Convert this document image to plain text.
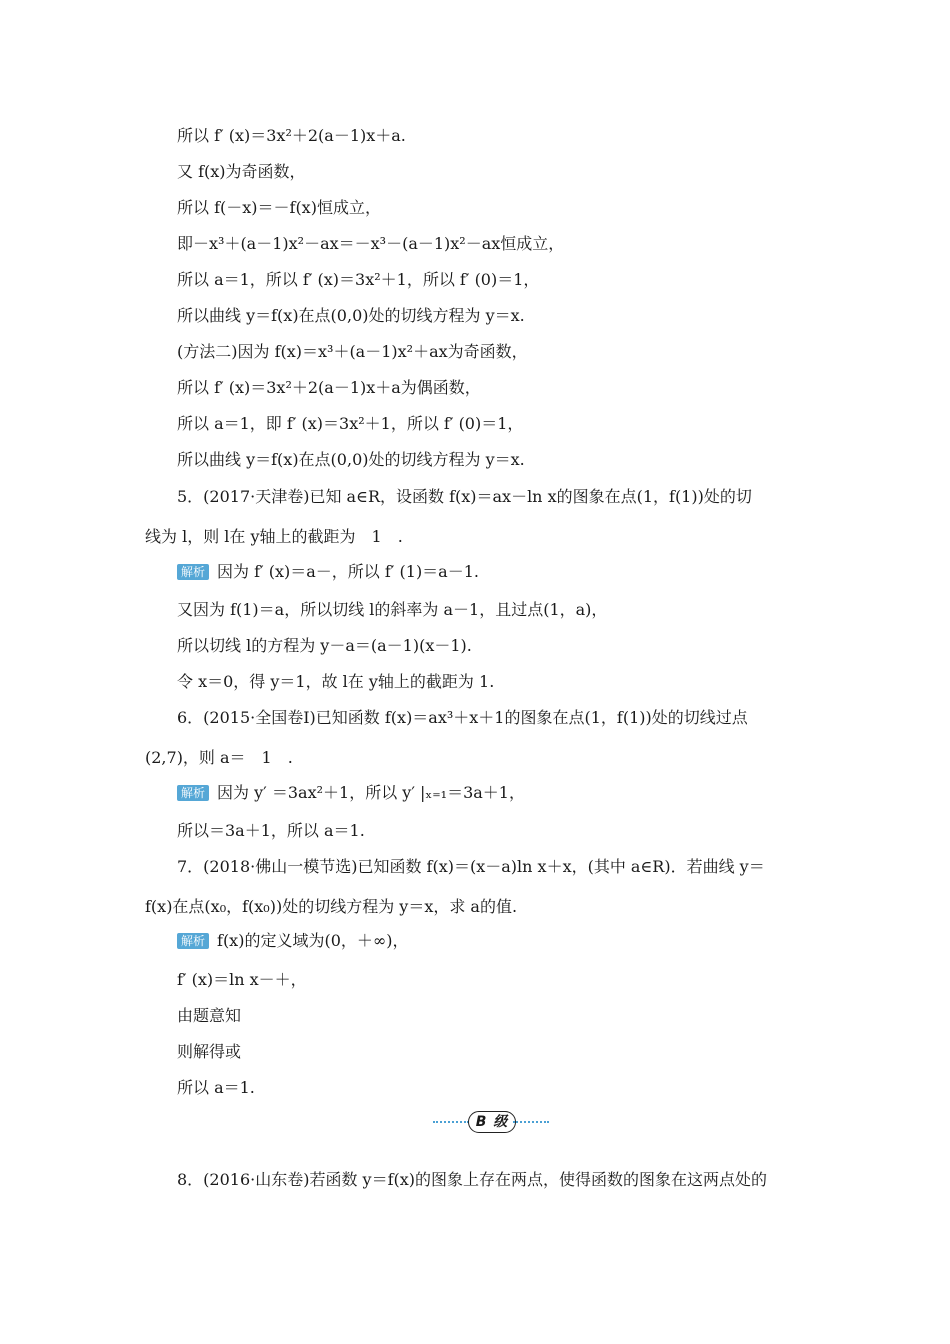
所以 f′ (x)＝3x²＋2(a－1)x＋a.
又 f(x)为奇函数，
所以 f(－x)＝－f(x)恒成立，
即－x³＋(a－1)x²－ax＝－x³－(a－1)x²－ax恒成立，
所以 a＝1，所以 f′ (x)＝3x²＋1，所以 f′ (0)＝1，
所以曲线 y＝f(x)在点(0,0)处的切线方程为 y＝x.
(方法二)因为 f(x)＝x³＋(a－1)x²＋ax为奇函数，
所以 f′ (x)＝3x²＋2(a－1)x＋a为偶函数，
所以 a＝1，即 f′ (x)＝3x²＋1，所以 f′ (0)＝1，
所以曲线 y＝f(x)在点(0,0)处的切线方程为 y＝x.
5．(2017·天津卷)已知 a∈R，设函数 f(x)＝ax－ln x的图象在点(1，f(1))处的切
线为 l，则 l在 y轴上的截距为　1　.
解析 因为 f′ (x)＝a－，所以 f′ (1)＝a－1.
又因为 f(1)＝a，所以切线 l的斜率为 a－1，且过点(1，a)，
所以切线 l的方程为 y－a＝(a－1)(x－1).
令 x＝0，得 y＝1，故 l在 y轴上的截距为 1.
6．(2015·全国卷Ⅰ)已知函数 f(x)＝ax³＋x＋1的图象在点(1，f(1))处的切线过点
(2,7)，则 a＝　1　.
解析 因为 y′ ＝3ax²＋1，所以 y′ |ₓ₌₁＝3a＋1，
所以＝3a＋1，所以 a＝1.
7．(2018·佛山一模节选)已知函数 f(x)＝(x－a)ln x＋x，(其中 a∈R)．若曲线 y＝
f(x)在点(x₀，f(x₀))处的切线方程为 y＝x，求 a的值.
解析 f(x)的定义域为(0，＋∞)，
f′ (x)＝ln x－＋，
由题意知
则解得或
所以 a＝1.
B 级
8．(2016·山东卷)若函数 y＝f(x)的图象上存在两点，使得函数的图象在这两点处的
